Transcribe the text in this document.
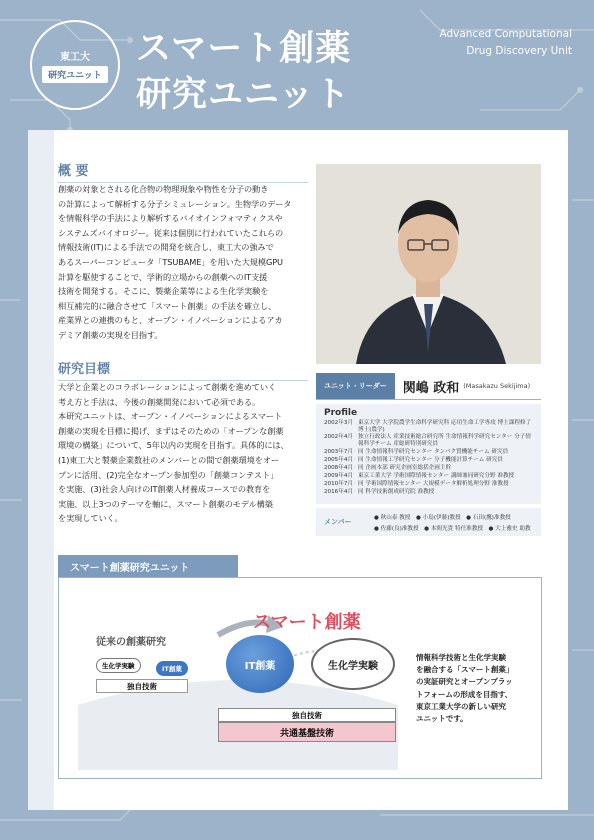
東工大
研究ユニット
スマート創薬
研究ユニット
Advanced Computational
Drug Discovery Unit
概 要
創薬の対象とされる化合物の物理現象や物性を分子の動き
の計算によって解析する分子シミュレーション。生物学のデータ
を情報科学の手法により解析するバイオインフォマティクスや
システムズバイオロジー。従来は個別に行われていたこれらの
情報技術(IT)による手法での開発を統合し、東工大の強みで
あるスーパーコンピュータ「TSUBAME」を用いた大規模GPU
計算を駆使することで、学術的立場からの創薬へのIT支援
技術を開発する。そこに、製薬企業等による生化学実験を
相互補完的に融合させて「スマート創薬」の手法を確立し、
産業界との連携のもと、オープン・イノベーションによるアカ
デミア創薬の実現を目指す。
研究目標
大学と企業とのコラボレーションによって創薬を進めていく
考え方と手法は、今後の創薬開発において必須である。
本研究ユニットは、オープン・イノベーションによるスマート
創薬の実現を目標に掲げ、まずはそのための「オープンな創薬
環境の構築」について、5年以内の実現を目指す。具体的には、
(1)東工大と製薬企業数社のメンバーとの間で創薬環境をオー
プンに活用、(2)完全なオープン参加型の「創薬コンテスト」
を実施、(3)社会人向けのIT創薬人材養成コースでの教育を
実施、以上3つのテーマを軸に、スマート創薬のモデル構築
を実現していく。
ユニット・リーダー	関嶋 政和 (Masakazu Sekijima)
Profile
2002年3月 東京大学 大学院農学生命科学研究科 応用生命工学専攻 博士課程修了 博士(農学)
2002年4月 独立行政法人 産業技術総合研究所 生命情報科学研究センター 分子情報科学チーム 産総研特別研究員
2003年7月 同 生命情報科学研究センター タンパク質機能チーム 研究員
2005年4月 同 生命情報工学研究センター 分子機能計算チーム 研究員
2008年4月 同 企画本部 研究企画室総括企画主幹
2009年4月 東京工業大学 学術国際情報センター 講師兼同研究分野 准教授
2010年7月 同 学術国際情報センター 大規模データ解析処理分野 准教授
2016年4月 同 科学技術創成研究院 准教授
メンバー	● 秋山泰 教授　● 小島(伊藤)教授　● 石田(鷹)准教授
● 佐藤(良)准教授　● 本間光貴 特任准教授　● 大上雅史 助教
スマート創薬研究ユニット
従来の創薬研究
生化学実験	IT創薬
独自技術
スマート創薬
IT創薬	生化学実験
独自技術
共通基盤技術
情報科学技術と生化学実験
を融合する「スマート創薬」
の実証研究とオープンプラッ
トフォームの形成を目指す、
東京工業大学の新しい研究
ユニットです。
